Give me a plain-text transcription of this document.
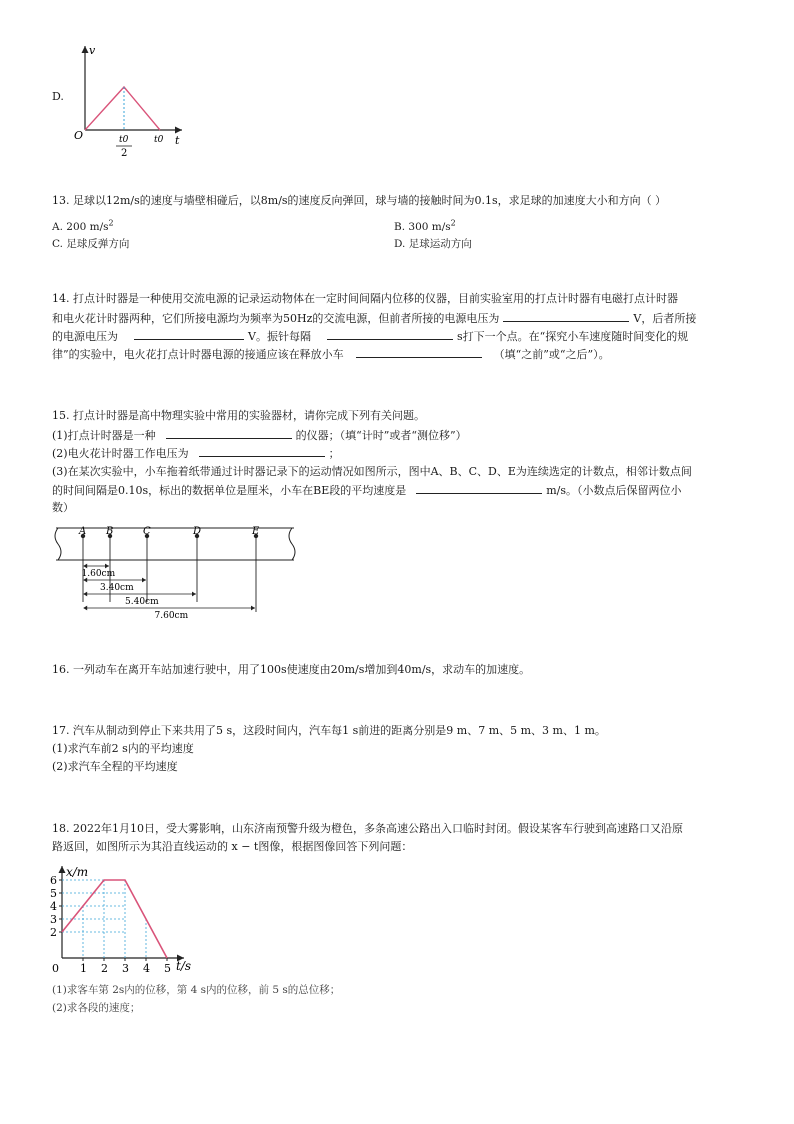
D.
v
t
O	t0
2
t0
13. 足球以12m/s的速度与墙壁相碰后，以8m/s的速度反向弹回，球与墙的接触时间为0.1s，求足球的加速度大小和方向（ ）
A. 200 $m/s^2$	B. 300 $m/s^2$
C. 足球反弹方向	D. 足球运动方向
14. 打点计时器是一种使用交流电源的记录运动物体在一定时间间隔内位移的仪器，目前实验室用的打点计时器有电磁打点计时器
和电火花计时器两种，它们所接电源均为频率为50Hz的交流电源，但前者所接的电源电压为	V，后者所接
的电源电压为	V。振针每隔	s打下一个点。在“探究小车速度随时间变化的规
律”的实验中，电火花打点计时器电源的接通应该在释放小车	（填“之前”或“之后”）。
15. 打点计时器是高中物理实验中常用的实验器材，请你完成下列有关问题。
(1)打点计时器是一种	的仪器；（填“计时”或者“测位移”）
(2)电火花计时器工作电压为	；
(3)在某次实验中，小车拖着纸带通过计时器记录下的运动情况如图所示，图中A、B、C、D、E为连续选定的计数点，相邻计数点间
的时间间隔是0.10s，标出的数据单位是厘米，小车在BE段的平均速度是	m/s。（小数点后保留两位小
数）
A B	C	D	E
1.60cm
3.40cm
5.40cm
7.60cm
16. 一列动车在离开车站加速行驶中，用了100s使速度由20m/s增加到40m/s，求动车的加速度。
17. 汽车从制动到停止下来共用了5 s，这段时间内，汽车每1 s前进的距离分别是9 m、7 m、5 m、3 m、1 m。
(1)求汽车前2 s内的平均速度
(2)求汽车全程的平均速度
18. 2022年1月10日，受大雾影响，山东济南预警升级为橙色，多条高速公路出入口临时封闭。假设某客车行驶到高速路口又沿原
路返回，如图所示为其沿直线运动的 x − t图像，根据图像回答下列问题：
x/m
t/s
2
3
4
5
6
0 1 2 3 4 5
(1)求客车第 2s内的位移，第 4 s内的位移，前 5 s的总位移；
(2)求各段的速度；
